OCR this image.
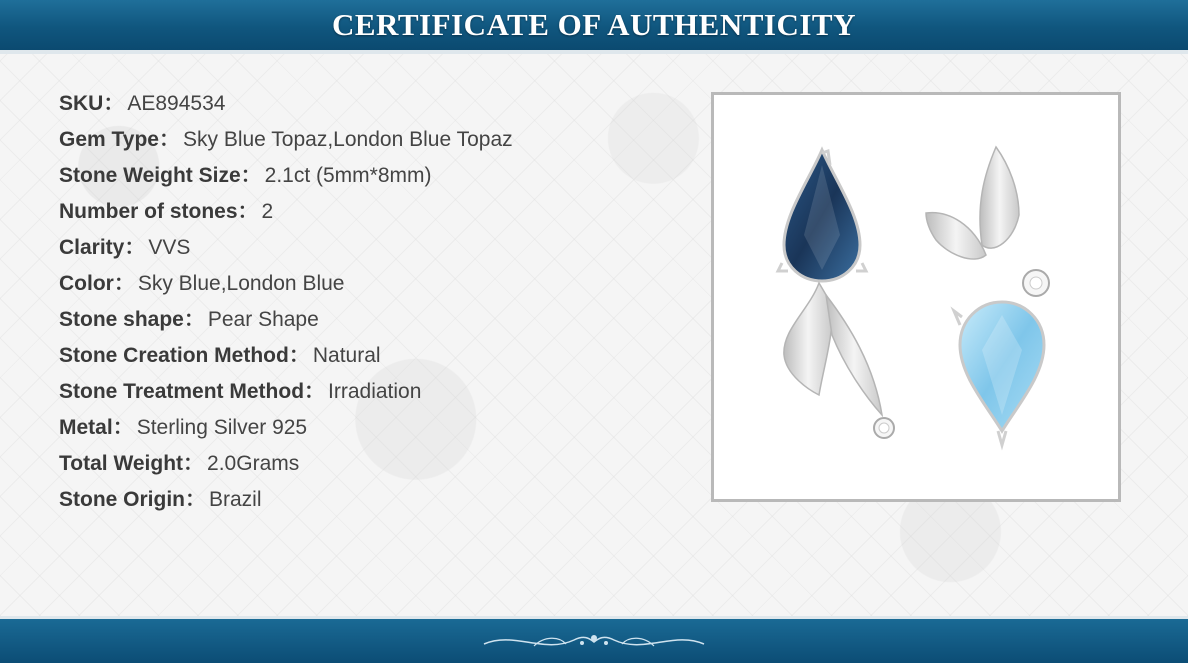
CERTIFICATE OF AUTHENTICITY
SKU： AE894534
Gem Type： Sky Blue Topaz,London Blue Topaz
Stone Weight Size： 2.1ct (5mm*8mm)
Number of stones： 2
Clarity： VVS
Color： Sky Blue,London Blue
Stone shape： Pear Shape
Stone Creation Method： Natural
Stone Treatment Method： Irradiation
Metal： Sterling Silver 925
Total Weight： 2.0Grams
Stone Origin： Brazil
